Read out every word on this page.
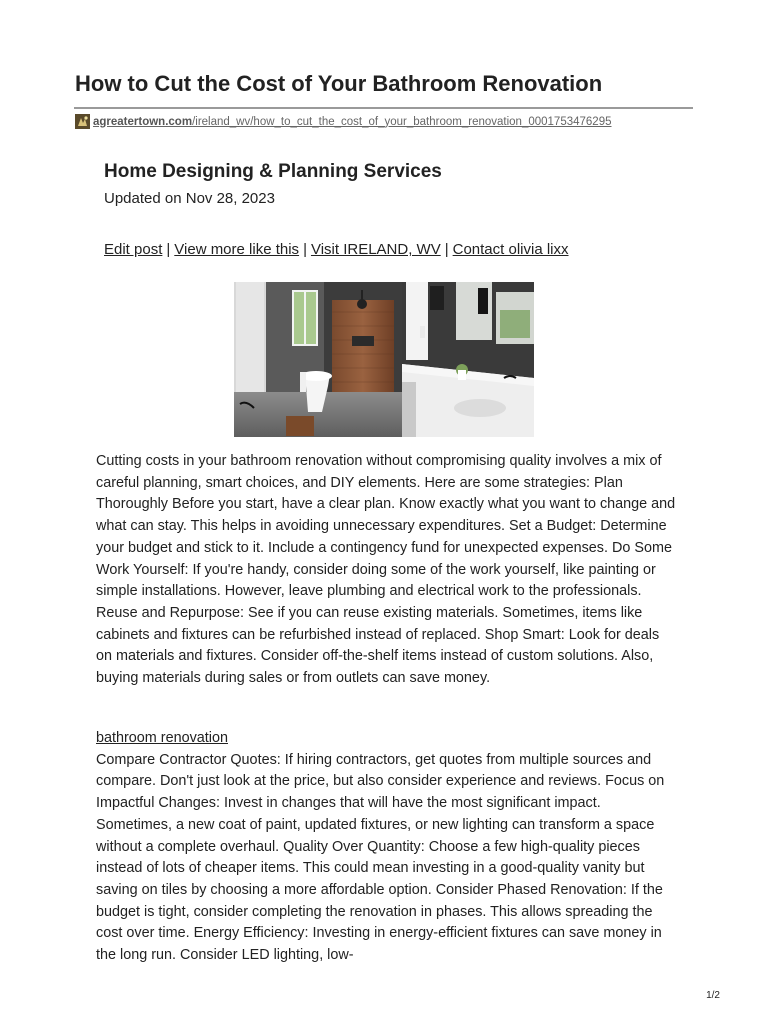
How to Cut the Cost of Your Bathroom Renovation
agreatertown.com/ireland_wv/how_to_cut_the_cost_of_your_bathroom_renovation_0001753476295
Home Designing & Planning Services
Updated on Nov 28, 2023
Edit post | View more like this | Visit IRELAND, WV | Contact olivia lixx

Cutting costs in your bathroom renovation without compromising quality involves a mix of careful planning, smart choices, and DIY elements. Here are some strategies: Plan Thoroughly Before you start, have a clear plan. Know exactly what you want to change and what can stay. This helps in avoiding unnecessary expenditures. Set a Budget: Determine your budget and stick to it. Include a contingency fund for unexpected expenses. Do Some Work Yourself: If you're handy, consider doing some of the work yourself, like painting or simple installations. However, leave plumbing and electrical work to the professionals. Reuse and Repurpose: See if you can reuse existing materials. Sometimes, items like cabinets and fixtures can be refurbished instead of replaced. Shop Smart: Look for deals on materials and fixtures. Consider off-the-shelf items instead of custom solutions. Also, buying materials during sales or from outlets can save money.

bathroom renovation
Compare Contractor Quotes: If hiring contractors, get quotes from multiple sources and compare. Don't just look at the price, but also consider experience and reviews. Focus on Impactful Changes: Invest in changes that will have the most significant impact. Sometimes, a new coat of paint, updated fixtures, or new lighting can transform a space without a complete overhaul. Quality Over Quantity: Choose a few high-quality pieces instead of lots of cheaper items. This could mean investing in a good-quality vanity but saving on tiles by choosing a more affordable option. Consider Phased Renovation: If the budget is tight, consider completing the renovation in phases. This allows spreading the cost over time. Energy Efficiency: Investing in energy-efficient fixtures can save money in the long run. Consider LED lighting, low-
1/2
